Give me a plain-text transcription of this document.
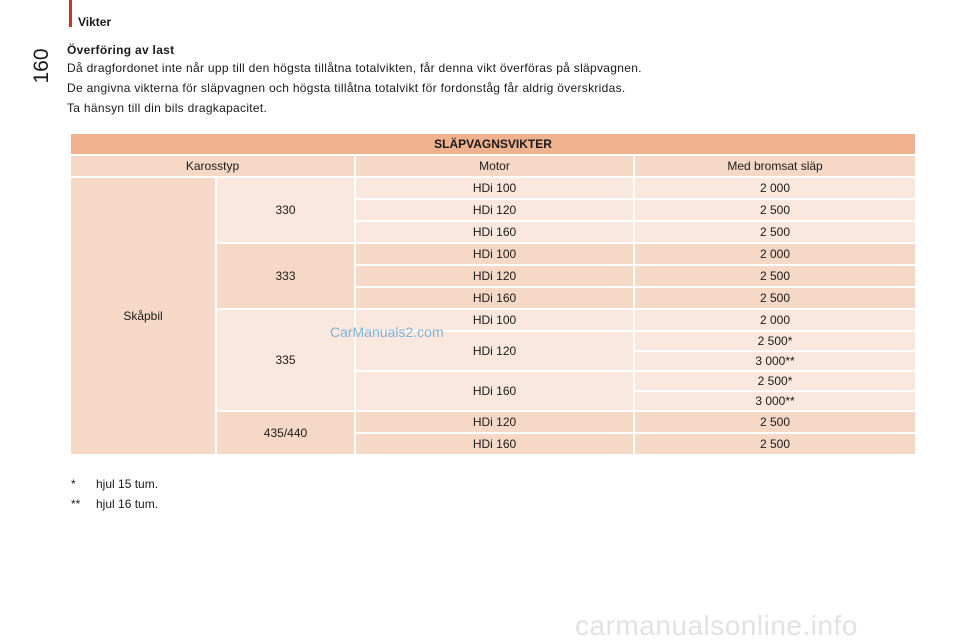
Vikter
160 Överföring av last

Då dragfordonet inte når upp till den högsta tillåtna totalvikten, får denna vikt överföras på släpvagnen.

De angivna vikterna för släpvagnen och högsta tillåtna totalvikt för fordonståg får aldrig överskridas.

Ta hänsyn till din bils dragkapacitet.

SLÄPVAGNSVIKTER			
Karosstyp		Motor	Med bromsat släp
Skåpbil	330	HDi 100	2 000
		HDi 120	2 500
		HDi 160	2 500
	333	HDi 100	2 000
		HDi 120	2 500
		HDi 160	2 500
	335	HDi 100	2 000
		HDi 120	2 500*
			3 000**
		HDi 160	2 500*
			3 000**
	435/440	HDi 120	2 500
		HDi 160	2 500
*	hjul 15 tum.
**	hjul 16 tum.
CarManuals2.com
carmanualsonline.info
